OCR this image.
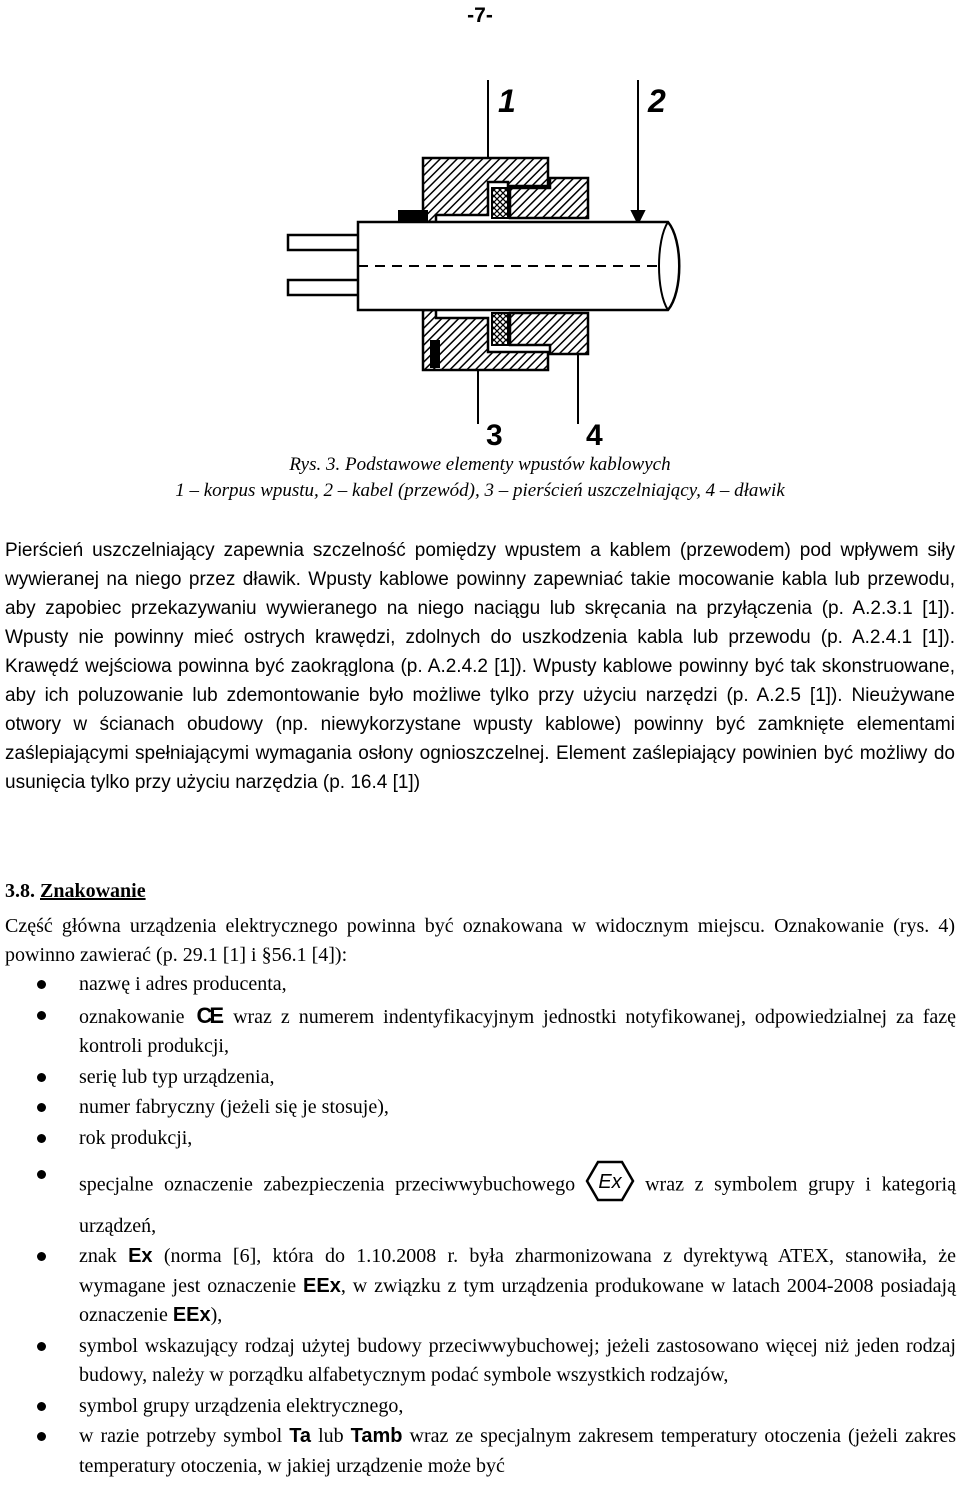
-7-
1	2
3	4
Rys. 3. Podstawowe elementy wpustów kablowych
1 – korpus wpustu, 2 – kabel (przewód), 3 – pierścień uszczelniający, 4 – dławik
Pierścień uszczelniający zapewnia szczelność pomiędzy wpustem a kablem (przewodem) pod wpływem siły wywieranej na niego przez dławik. Wpusty kablowe powinny zapewniać takie mocowanie kabla lub przewodu, aby zapobiec przekazywaniu wywieranego na niego naciągu lub skręcania na przyłączenia (p. A.2.3.1 [1]). Wpusty nie powinny mieć ostrych krawędzi, zdolnych do uszkodzenia kabla lub przewodu (p. A.2.4.1 [1]). Krawędź wejściowa powinna być zaokrąglona (p. A.2.4.2 [1]). Wpusty kablowe powinny być tak skonstruowane, aby ich poluzowanie lub zdemontowanie było możliwe tylko przy użyciu narzędzi (p. A.2.5 [1]). Nieużywane otwory w ścianach obudowy (np. niewykorzystane wpusty kablowe) powinny być zamknięte elementami zaślepiającymi spełniającymi wymagania osłony ognioszczelnej. Element zaślepiający powinien być możliwy do usunięcia tylko przy użyciu narzędzia (p. 16.4 [1])
3.8. Znakowanie
Część główna urządzenia elektrycznego powinna być oznakowana w widocznym miejscu. Oznakowanie (rys. 4) powinno zawierać (p. 29.1 [1] i §56.1 [4]):
nazwę i adres producenta,
oznakowanie CE wraz z numerem indentyfikacyjnym jednostki notyfikowanej, odpowiedzialnej za fazę kontroli produkcji,
serię lub typ urządzenia,
numer fabryczny (jeżeli się je stosuje),
rok produkcji,
specjalne oznaczenie zabezpieczenia przeciwwybuchowego Ex wraz z symbolem grupy i kategorią urządzeń,
znak Ex (norma [6], która do 1.10.2008 r. była zharmonizowana z dyrektywą ATEX, stanowiła, że wymagane jest oznaczenie EEx, w związku z tym urządzenia produkowane w latach 2004-2008 posiadają oznaczenie EEx),
symbol wskazujący rodzaj użytej budowy przeciwwybuchowej; jeżeli zastosowano więcej niż jeden rodzaj budowy, należy w porządku alfabetycznym podać symbole wszystkich rodzajów,
symbol grupy urządzenia elektrycznego,
w razie potrzeby symbol Ta lub Tamb wraz ze specjalnym zakresem temperatury otoczenia (jeżeli zakres temperatury otoczenia, w jakiej urządzenie może być
